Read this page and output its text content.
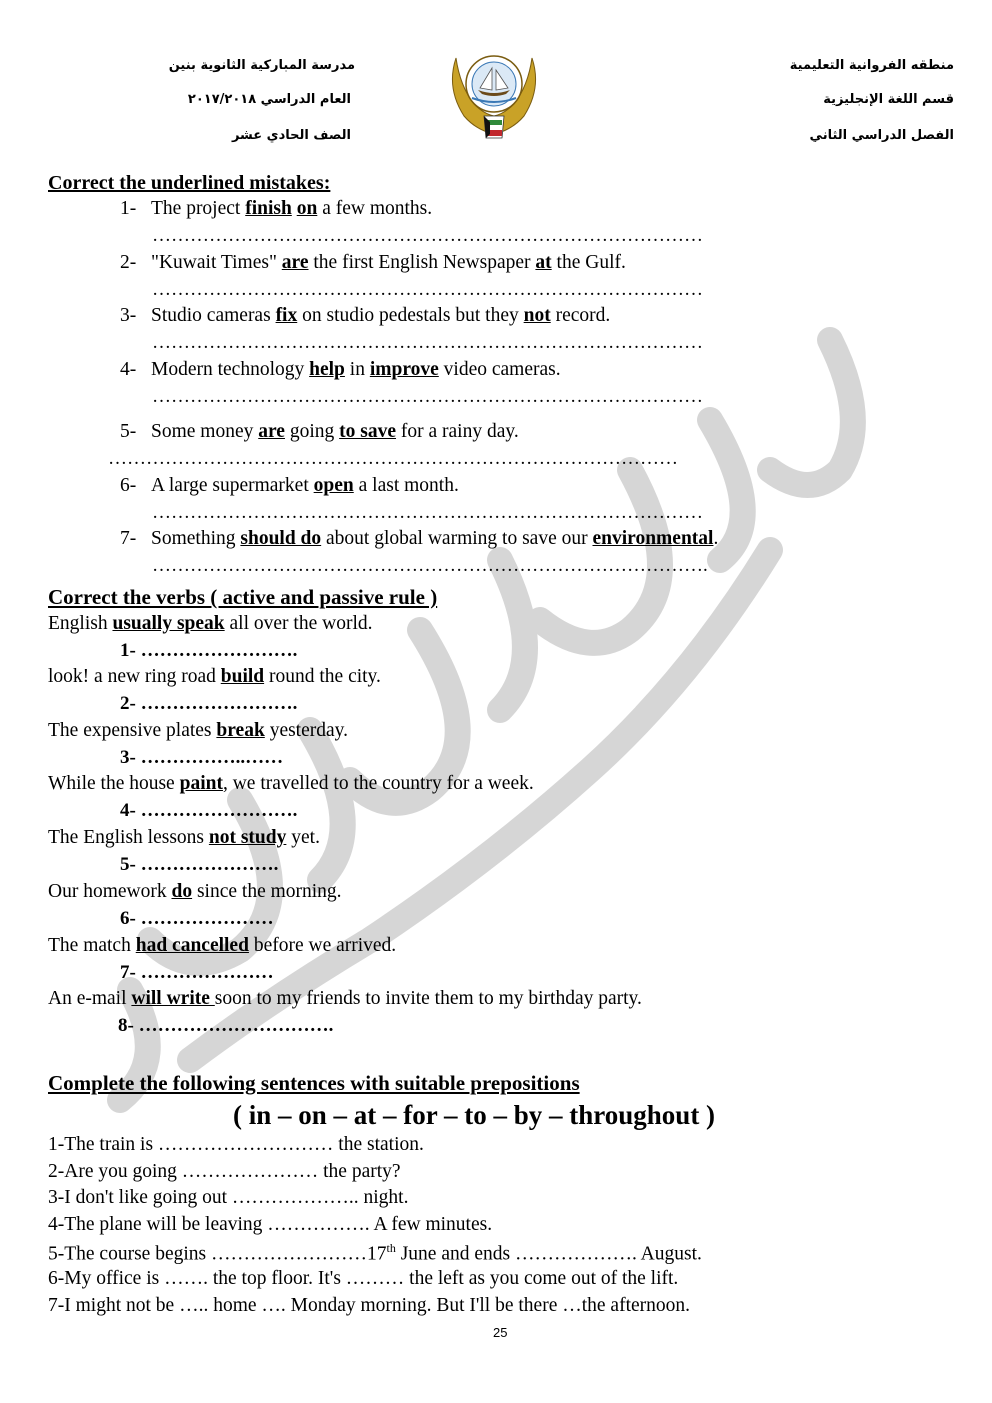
منطقه الفروانية التعليمية
قسم اللغة الإنجليزية
الفصل الدراسي الثاني
مدرسة المباركية الثانوية بنين
العام الدراسي ٢٠١٧/٢٠١٨
الصف الحادي عشر
Correct the underlined mistakes:
1- The project finish on a few months.
……………………………………………………………………………
2- "Kuwait Times" are the first English Newspaper at the Gulf.
……………………………………………………………………………
3- Studio cameras fix on studio pedestals but they not record.
……………………………………………………………………………
4- Modern technology help in improve video cameras.
……………………………………………………………………………
5- Some money are going to save for a rainy day.
………………………………………………………………………………
6- A large supermarket open a last month.
……………………………………………………………………………
7- Something should do about global warming to save our environmental.
…………………………………………………………………………….
Correct the verbs ( active and passive rule )
English usually speak all over the world.
1- …………………….
look! a new ring road build round the city.
2- …………………….
The expensive plates break yesterday.
3- ……………..……
While the house paint, we travelled to the country for a week.
4- …………………….
The English lessons not study yet.
5- ………………….
Our homework do since the morning.
6- …………………
The match had cancelled before we arrived.
7- …………………
An e-mail will write soon to my friends to invite them to my birthday party.
8- ………………………….
Complete the following sentences with suitable prepositions
( in – on – at – for – to – by – throughout )
1-The train is ……………………… the station.
2-Are you going ………………… the party?
3-I don't like going out ……………….. night.
4-The plane will be leaving ……………. A few minutes.
5-The course begins ……………………17th June and ends ………………. August.
6-My office is ……. the top floor. It's ……… the left as you come out of the lift.
7-I might not be ….. home …. Monday morning. But I'll be there …the afternoon.
25
